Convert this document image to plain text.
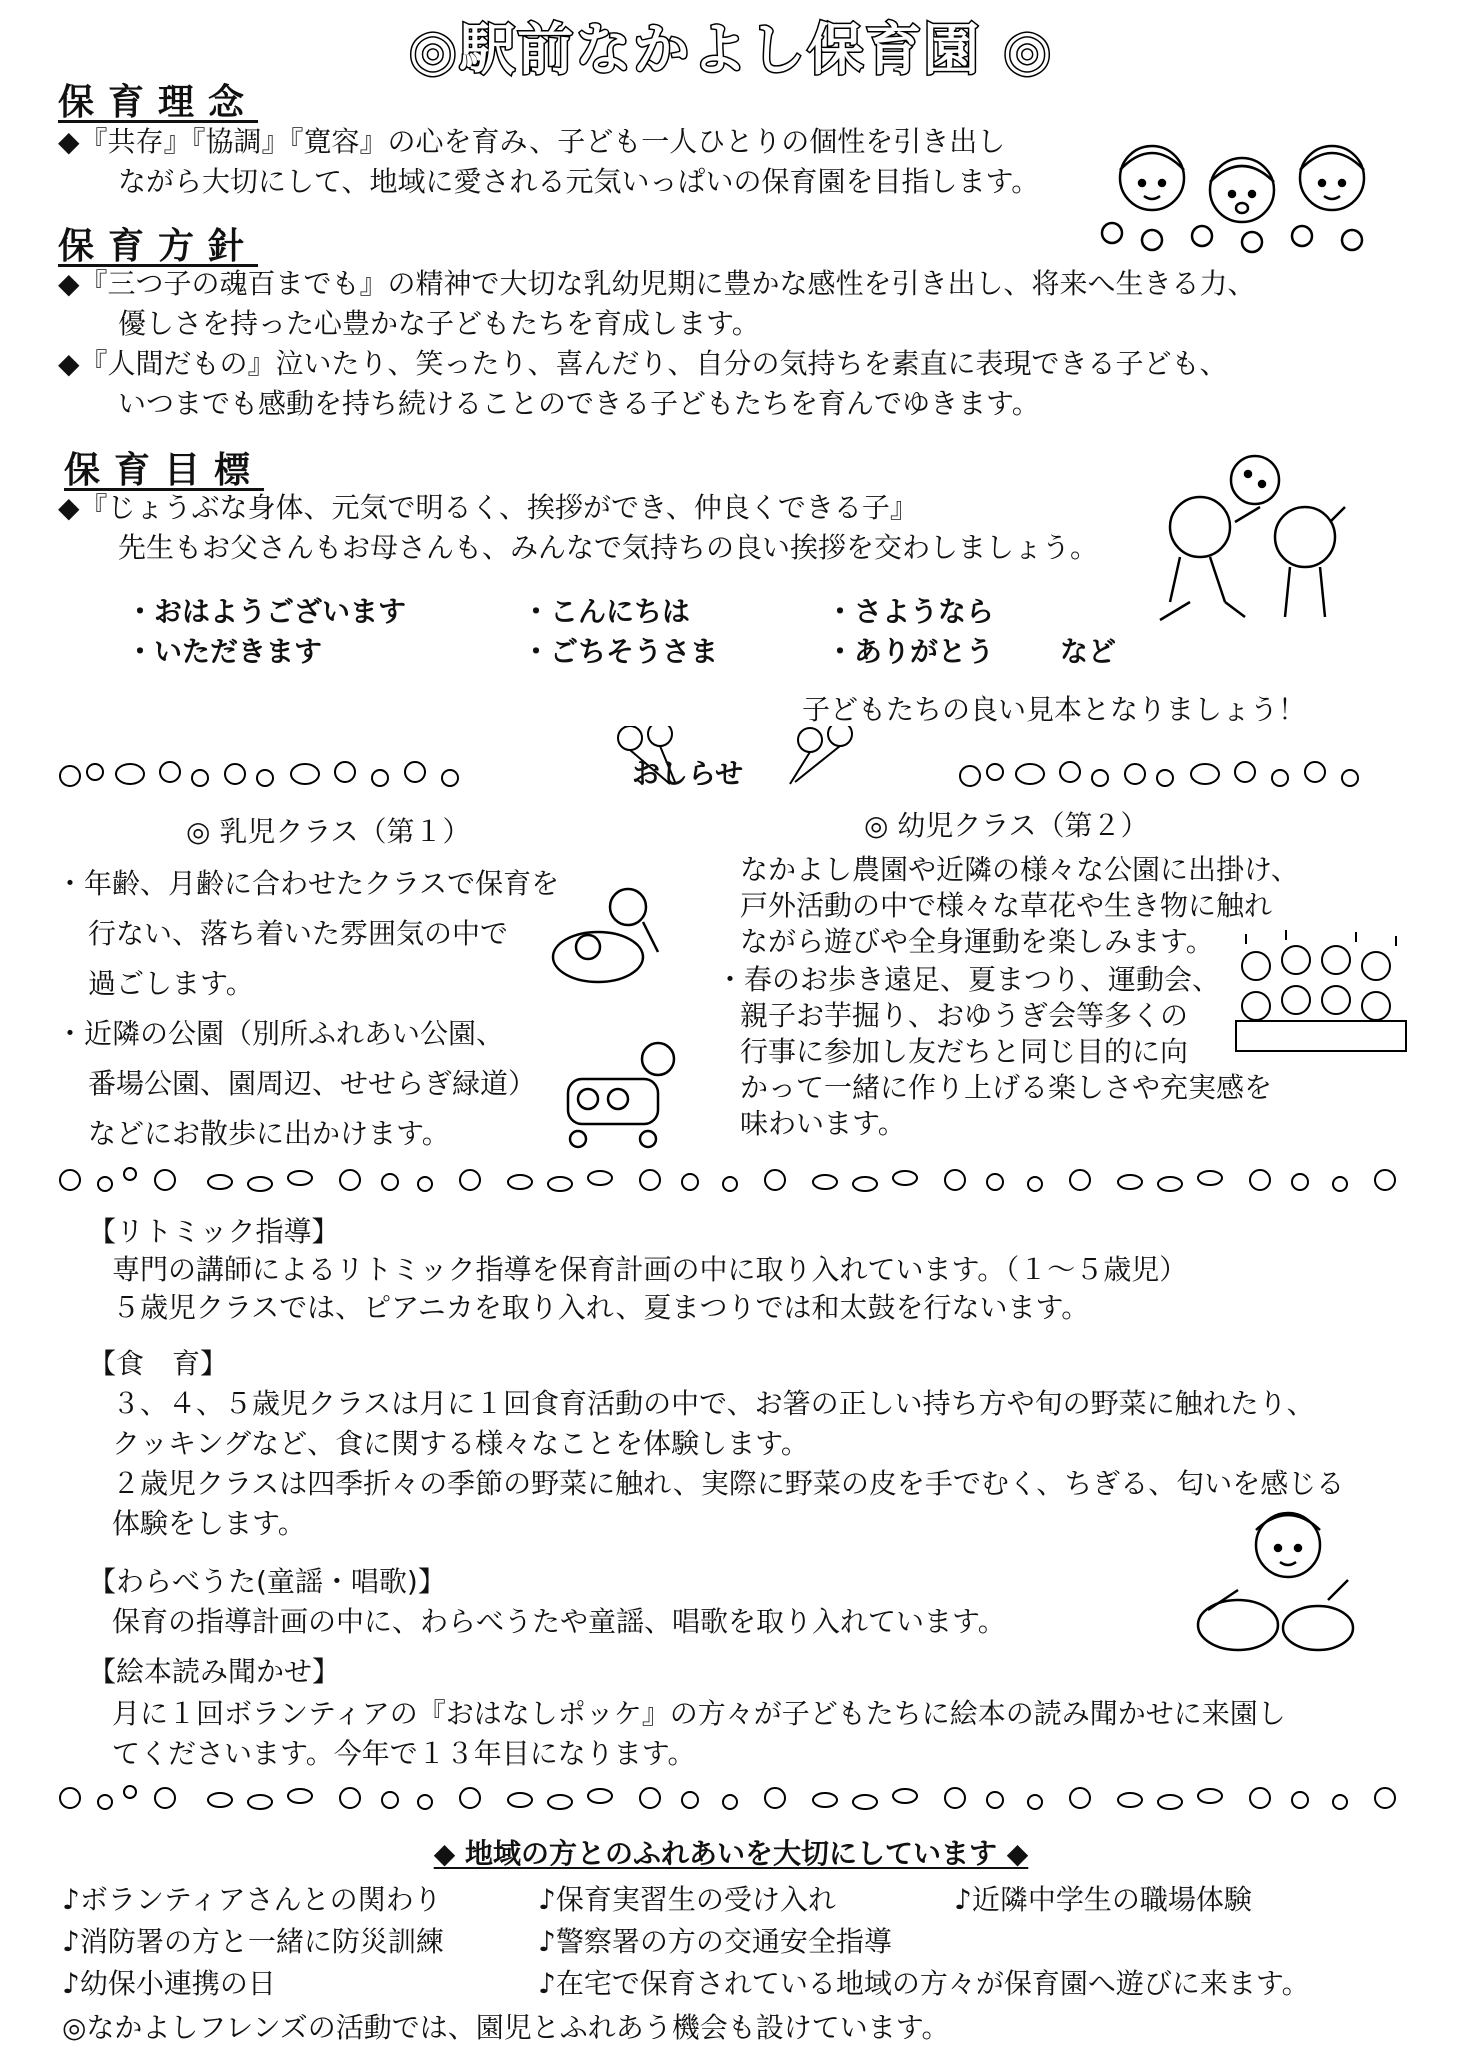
◎駅前なかよし保育園 ◎
保育理念
◆『共存』『協調』『寛容』の心を育み、子ども一人ひとりの個性を引き出し
ながら大切にして、地域に愛される元気いっぱいの保育園を目指します。
保育方針
◆『三つ子の魂百までも』の精神で大切な乳幼児期に豊かな感性を引き出し、将来へ生きる力、
優しさを持った心豊かな子どもたちを育成します。
◆『人間だもの』泣いたり、笑ったり、喜んだり、自分の気持ちを素直に表現できる子ども、
いつまでも感動を持ち続けることのできる子どもたちを育んでゆきます。
保育目標
◆『じょうぶな身体、元気で明るく、挨拶ができ、仲良くできる子』
先生もお父さんもお母さんも、みんなで気持ちの良い挨拶を交わしましょう。
・おはようございます	・こんにちは	・さようなら
・いただきます	・ごちそうさま	・ありがとう など
子どもたちの良い見本となりましょう！
おしらせ
◎ 乳児クラス（第１）
・年齢、月齢に合わせたクラスで保育を
行ない、落ち着いた雰囲気の中で
過ごします。
・近隣の公園（別所ふれあい公園、
番場公園、園周辺、せせらぎ緑道）
などにお散歩に出かけます。
◎ 幼児クラス（第２）
なかよし農園や近隣の様々な公園に出掛け、
戸外活動の中で様々な草花や生き物に触れ
ながら遊びや全身運動を楽しみます。
・春のお歩き遠足、夏まつり、運動会、
親子お芋掘り、おゆうぎ会等多くの
行事に参加し友だちと同じ目的に向
かって一緒に作り上げる楽しさや充実感を
味わいます。
【リトミック指導】
専門の講師によるリトミック指導を保育計画の中に取り入れています。（１～５歳児）
５歳児クラスでは、ピアニカを取り入れ、夏まつりでは和太鼓を行ないます。
【食　育】
３、４、５歳児クラスは月に１回食育活動の中で、お箸の正しい持ち方や旬の野菜に触れたり、
クッキングなど、食に関する様々なことを体験します。
２歳児クラスは四季折々の季節の野菜に触れ、実際に野菜の皮を手でむく、ちぎる、匂いを感じる
体験をします。
【わらべうた(童謡・唱歌)】
保育の指導計画の中に、わらべうたや童謡、唱歌を取り入れています。
【絵本読み聞かせ】
月に１回ボランティアの『おはなしポッケ』の方々が子どもたちに絵本の読み聞かせに来園し
てくださいます。今年で１３年目になります。
◆ 地域の方とのふれあいを大切にしています ◆
♪ボランティアさんとの関わり	♪保育実習生の受け入れ	♪近隣中学生の職場体験
♪消防署の方と一緒に防災訓練	♪警察署の方の交通安全指導
♪幼保小連携の日	♪在宅で保育されている地域の方々が保育園へ遊びに来ます。
◎なかよしフレンズの活動では、園児とふれあう機会も設けています。
